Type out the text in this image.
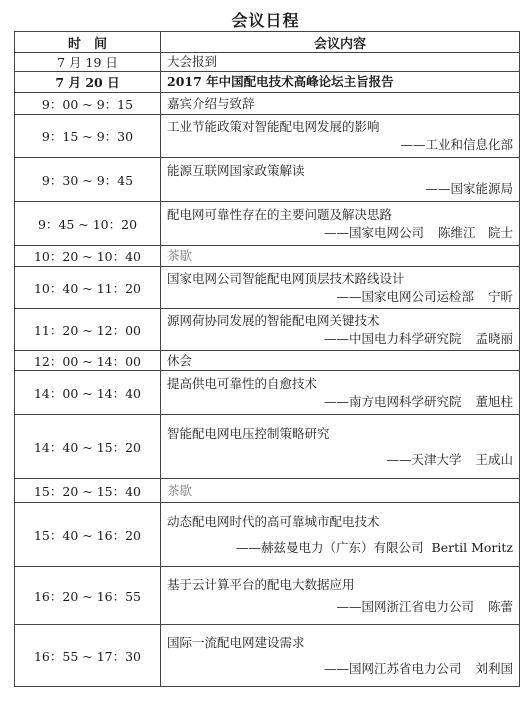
会议日程
时　间	会议内容
7 月 19 日	大会报到

7 月 20 日	2017 年中国配电技术高峰论坛主旨报告

9：00 ~ 9：15	嘉宾介绍与致辞

9：15 ~ 9：30	工业节能政策对智能配电网发展的影响
——工业和信息化部

9：30 ~ 9：45	能源互联网国家政策解读
——国家能源局

9：45 ~ 10：20	配电网可靠性存在的主要问题及解决思路
——国家电网公司 陈维江　院士

10：20 ~ 10：40	茶歇

10：40 ~ 11：20	国家电网公司智能配电网顶层技术路线设计
——国家电网公司运检部 宁昕

11：20 ~ 12：00	源网荷协同发展的智能配电网关键技术
——中国电力科学研究院 孟晓丽

12：00 ~ 14：00	休会

14：00 ~ 14：40	提高供电可靠性的自愈技术
——南方电网科学研究院 董旭柱

14：40 ~ 15：20	智能配电网电压控制策略研究
——天津大学 王成山

15：20 ~ 15：40	茶歇

15：40 ~ 16：20	动态配电网时代的高可靠城市配电技术
——赫兹曼电力（广东）有限公司 Bertil Moritz

16：20 ~ 16：55	基于云计算平台的配电大数据应用
——国网浙江省电力公司 陈蕾

16：55 ~ 17：30	国际一流配电网建设需求
——国网江苏省电力公司 刘利国
